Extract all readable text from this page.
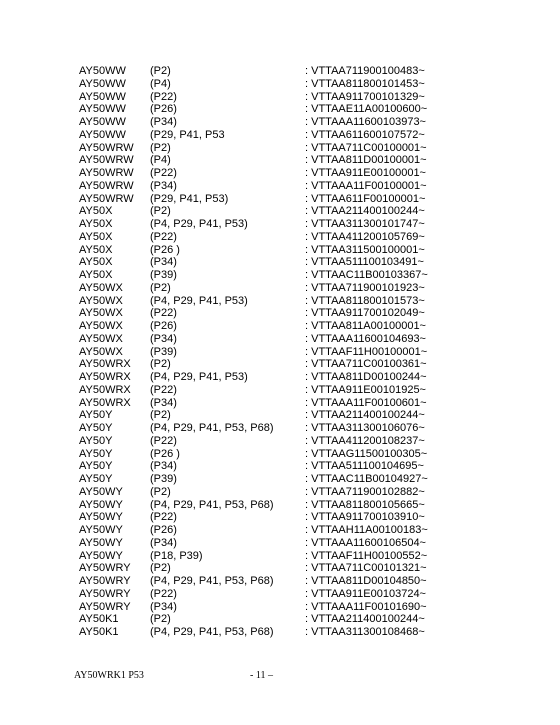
AY50WW (P2)	: VTTAA711900100483~
AY50WW (P4)	: VTTAA811800101453~
AY50WW (P22)	: VTTAA911700101329~
AY50WW (P26)	: VTTAAE11A00100600~
AY50WW (P34)	: VTTAAA11600103973~
AY50WW (P29, P41, P53	: VTTAA611600107572~
AY50WRW (P2)	: VTTAA711C00100001~
AY50WRW (P4)	: VTTAA811D00100001~
AY50WRW (P22)	: VTTAA911E00100001~
AY50WRW (P34)	: VTTAAA11F00100001~
AY50WRW (P29, P41, P53)	: VTTAA611F00100001~
AY50X	(P2)	: VTTAA211400100244~
AY50X	(P4, P29, P41, P53)	: VTTAA311300101747~
AY50X	(P22)	: VTTAA411200105769~
AY50X	(P26 )	: VTTAA311500100001~
AY50X	(P34)	: VTTAA511100103491~
AY50X	(P39)	: VTTAAC11B00103367~
AY50WX (P2)	: VTTAA711900101923~
AY50WX (P4, P29, P41, P53)	: VTTAA811800101573~
AY50WX (P22)	: VTTAA911700102049~
AY50WX (P26)	: VTTAA811A00100001~
AY50WX (P34)	: VTTAAA11600104693~
AY50WX (P39)	: VTTAAF11H00100001~
AY50WRX (P2)	: VTTAA711C00100361~
AY50WRX (P4, P29, P41, P53)	: VTTAA811D00100244~
AY50WRX (P22)	: VTTAA911E00101925~
AY50WRX (P34)	: VTTAAA11F00100601~
AY50Y	(P2)	: VTTAA211400100244~
AY50Y	(P4, P29, P41, P53, P68)	: VTTAA311300106076~
AY50Y	(P22)	: VTTAA411200108237~
AY50Y	(P26 )	: VTTAAG11500100305~
AY50Y	(P34)	: VTTAA511100104695~
AY50Y	(P39)	: VTTAAC11B00104927~
AY50WY (P2)	: VTTAA711900102882~
AY50WY (P4, P29, P41, P53, P68)	: VTTAA811800105665~
AY50WY (P22)	: VTTAA911700103910~
AY50WY (P26)	: VTTAAH11A00100183~
AY50WY (P34)	: VTTAAA11600106504~
AY50WY (P18, P39)	: VTTAAF11H00100552~
AY50WRY (P2)	: VTTAA711C00101321~
AY50WRY (P4, P29, P41, P53, P68)	: VTTAA811D00104850~
AY50WRY (P22)	: VTTAA911E00103724~
AY50WRY (P34)	: VTTAAA11F00101690~
AY50K1	(P2)	: VTTAA211400100244~
AY50K1	(P4, P29, P41, P53, P68)	: VTTAA311300108468~
AY50WRK1 P53	- 11 –
